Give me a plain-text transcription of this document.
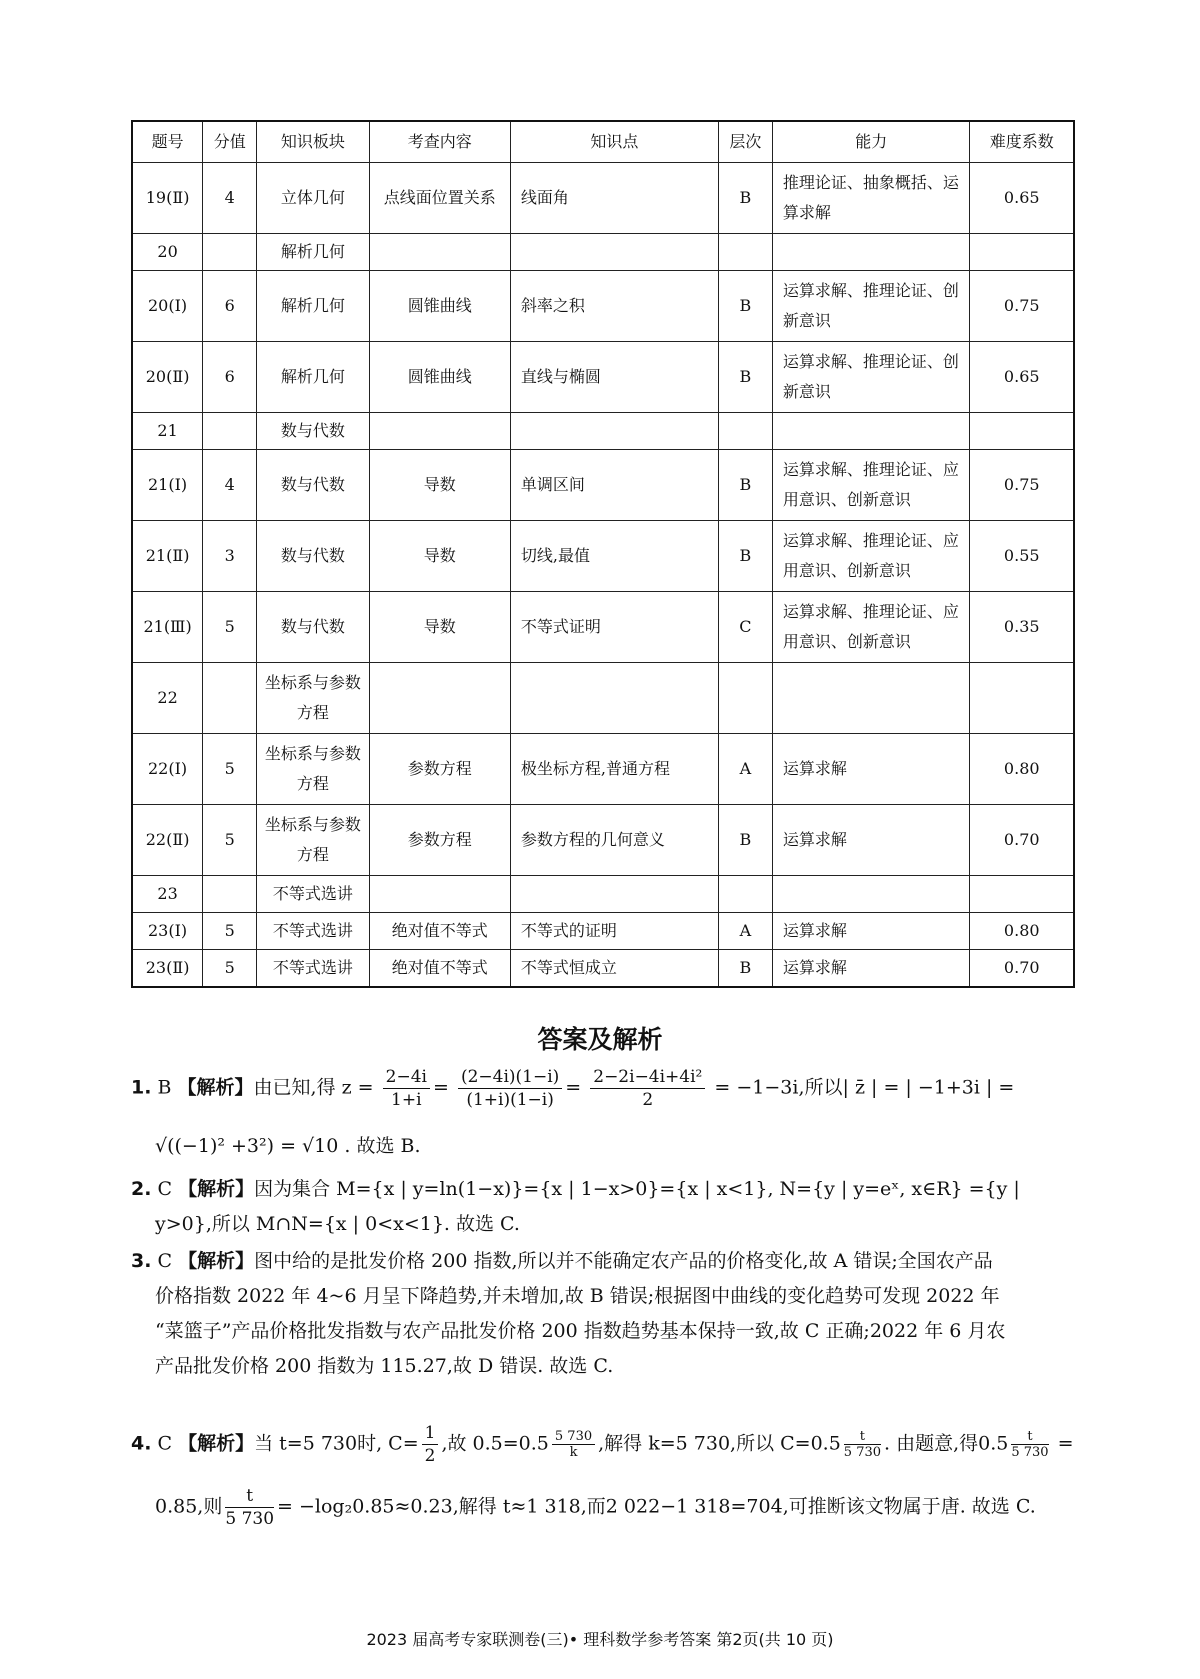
题号	分值	知识板块	考查内容	知识点	层次	能力	难度系数
19(Ⅱ)	4	立体几何	点线面位置关系	线面角	B	推理论证、抽象概括、运算求解	0.65
20		解析几何					
20(Ⅰ)	6	解析几何	圆锥曲线	斜率之积	B	运算求解、推理论证、创新意识	0.75
20(Ⅱ)	6	解析几何	圆锥曲线	直线与椭圆	B	运算求解、推理论证、创新意识	0.65
21		数与代数					
21(Ⅰ)	4	数与代数	导数	单调区间	B	运算求解、推理论证、应用意识、创新意识	0.75
21(Ⅱ)	3	数与代数	导数	切线,最值	B	运算求解、推理论证、应用意识、创新意识	0.55
21(Ⅲ)	5	数与代数	导数	不等式证明	C	运算求解、推理论证、应用意识、创新意识	0.35
22		坐标系与参数方程					
22(Ⅰ)	5	坐标系与参数方程	参数方程	极坐标方程,普通方程	A	运算求解	0.80
22(Ⅱ)	5	坐标系与参数方程	参数方程	参数方程的几何意义	B	运算求解	0.70
23		不等式选讲					
23(Ⅰ)	5	不等式选讲	绝对值不等式	不等式的证明	A	运算求解	0.80
23(Ⅱ)	5	不等式选讲	绝对值不等式	不等式恒成立	B	运算求解	0.70
答案及解析
1. B 【解析】由已知,得 $z = \frac{2-4i}{1+i} = \frac{(2-4i)(1-i)}{(1+i)(1-i)} = \frac{\text{2−2i−4i+4i²}}{2} = -1-3i$,所以| z̄ | = | −1+3i | =
√((−1)² +3²) = √10 . 故选 B.
2. C 【解析】因为集合 M={x | y=ln(1−x)}={x | 1−x>0}={x | x<1}, N={y | y=eˣ, x∈R} ={y |
y>0},所以 M∩N={x | 0<x<1}. 故选 C.
3. C 【解析】图中给的是批发价格 200 指数,所以并不能确定农产品的价格变化,故 A 错误;全国农产品
价格指数 2022 年 4~6 月呈下降趋势,并未增加,故 B 错误;根据图中曲线的变化趋势可发现 2022 年
“菜篮子”产品价格批发指数与农产品批发价格 200 指数趋势基本保持一致,故 C 正确;2022 年 6 月农
产品批发价格 200 指数为 115.27,故 D 错误. 故选 C.
4. C 【解析】当 t=5 730时, $C= \frac{1}{2}$ ,故 $0.5=0.5 \frac{5 730}{k}$ ,解得 k=5 730,所以 $C=0.5 \frac{t}{5 730}$ . 由题意,得$0.5 \frac{t}{5 730}$ =
0.85,则 $\frac{t}{5 730} = -\log_20.85\approx 0.23$,解得 t≈1 318,而2 022−1 318=704,可推断该文物属于唐. 故选 C.
2023 届高考专家联测卷(三)• 理科数学参考答案 第2页(共 10 页)
